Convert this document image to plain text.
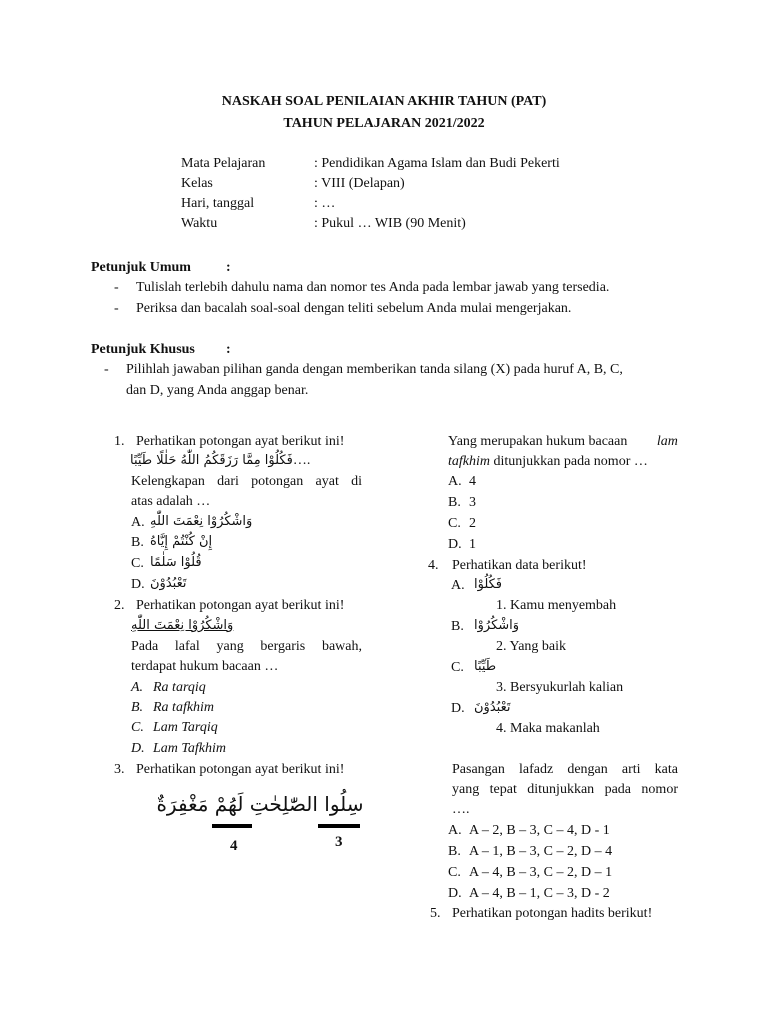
NASKAH SOAL PENILAIAN AKHIR TAHUN (PAT)
TAHUN PELAJARAN 2021/2022
Mata Pelajaran	: Pendidikan Agama Islam dan Budi Pekerti
Kelas	: VIII (Delapan)
Hari, tanggal	: …
Waktu	: Pukul … WIB (90 Menit)
Petunjuk Umum	:
- Tulislah terlebih dahulu nama dan nomor tes Anda pada lembar jawab yang tersedia.
- Periksa dan bacalah soal-soal dengan teliti sebelum Anda mulai mengerjakan.
Petunjuk Khusus :
- Pilihlah jawaban pilihan ganda dengan memberikan tanda silang (X) pada huruf A, B, C,
dan D, yang Anda anggap benar.
1. Perhatikan potongan ayat berikut ini!
فَكُلُوْا مِمَّا رَزَقَكُمُ اللّٰهُ حَلٰلًا طَيِّبًا….
Kelengkapan dari potongan ayat di
atas adalah …
A. وَاشْكُرُوْا نِعْمَتَ اللّٰهِ
B. إِنْ كُنْتُمْ إِيَّاهُ
C. قُلُوْا سَلٰمًا
D. تَعْبُدُوْنَ
2. Perhatikan potongan ayat berikut ini!
وَاشْكُرُوْا نِعْمَتَ اللّٰهِ
Pada lafal yang bergaris bawah,
terdapat hukum bacaan …
A. Ra tarqiq
B. Ra tafkhim
C. Lam Tarqiq
D. Lam Tafkhim
3. Perhatikan potongan ayat berikut ini!
سِلُوا الصّٰلِحٰتِ لَهُمْ مَغْفِرَةٌ
4	3
Yang merupakan hukum bacaan lam
tafkhim ditunjukkan pada nomor …
A. 4
B. 3
C. 2
D. 1
4. Perhatikan data berikut!
A. فَكُلُوْا
1. Kamu menyembah
B. وَاشْكُرُوْا
2. Yang baik
C. طَيِّبًا
3. Bersyukurlah kalian
D. تَعْبُدُوْنَ
4. Maka makanlah
Pasangan lafadz dengan arti kata
yang tepat ditunjukkan pada nomor
….
A. A – 2, B – 3, C – 4, D - 1
B. A – 1, B – 3, C – 2, D – 4
C. A – 4, B – 3, C – 2, D – 1
D. A – 4, B – 1, C – 3, D - 2
5. Perhatikan potongan hadits berikut!
